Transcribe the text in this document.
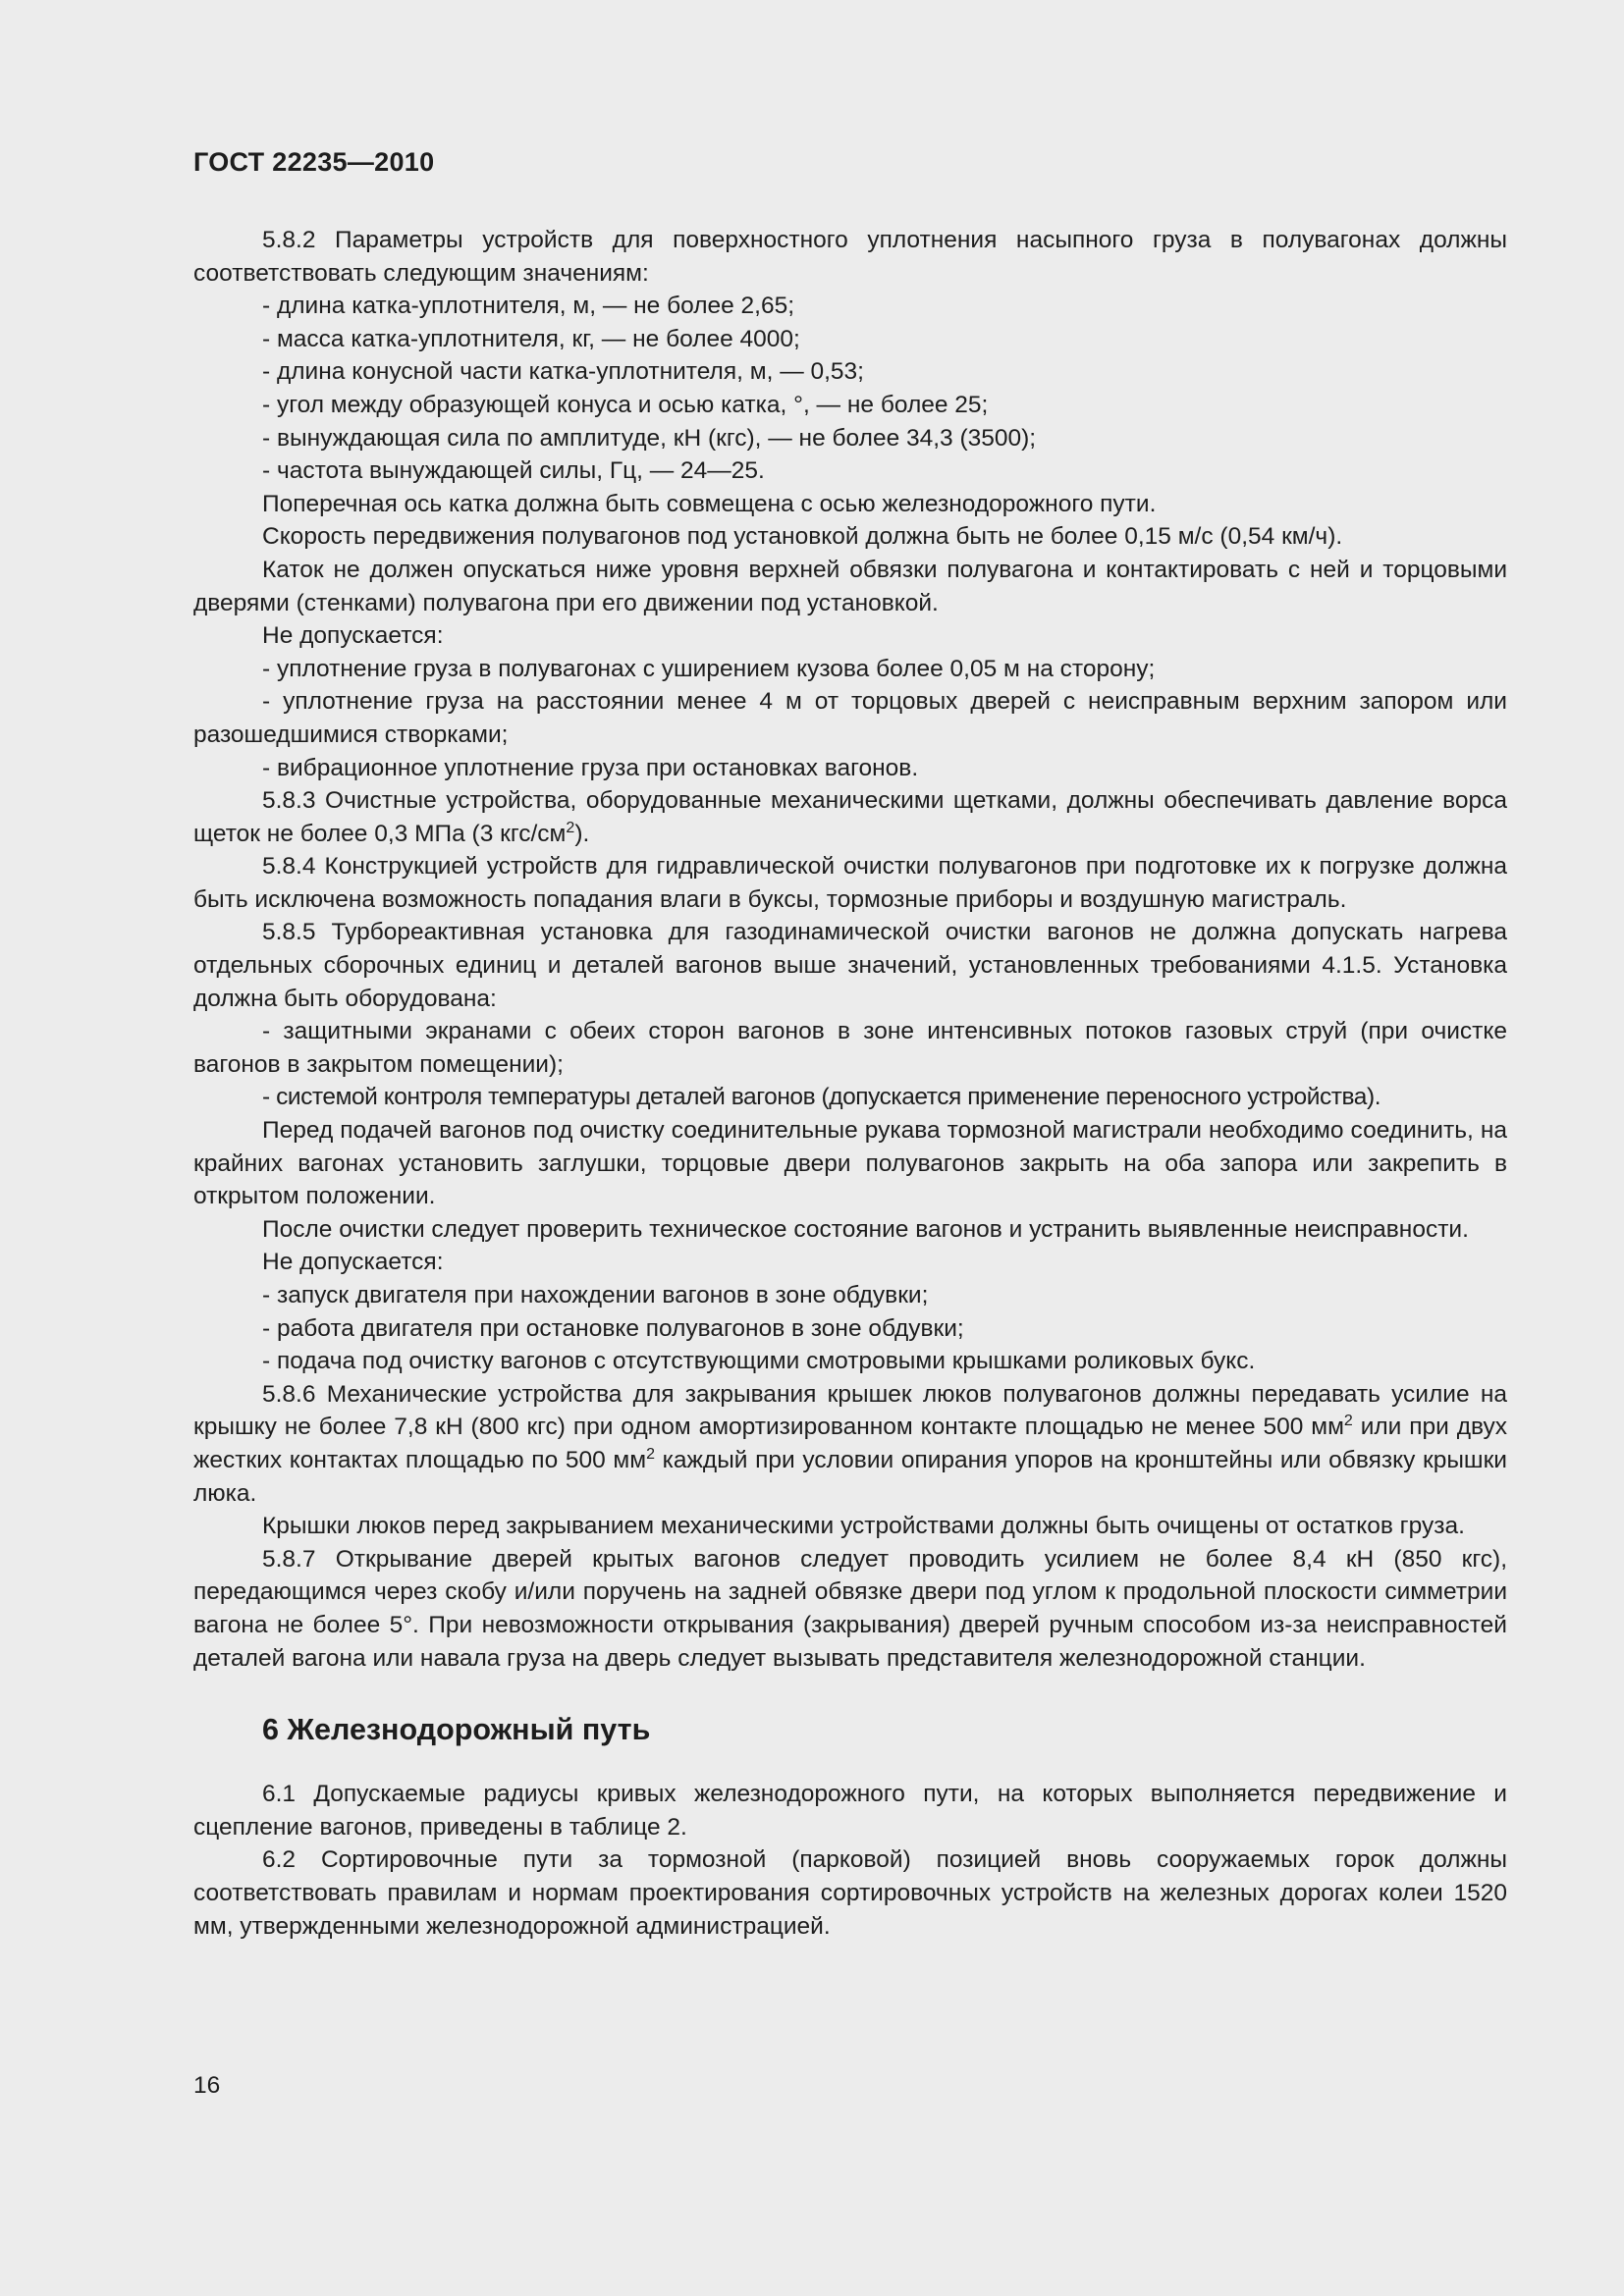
ГОСТ 22235—2010

5.8.2 Параметры устройств для поверхностного уплотнения насыпного груза в полувагонах должны соответствовать следующим значениям:

- длина катка-уплотнителя, м, — не более 2,65;

- масса катка-уплотнителя, кг, — не более 4000;

- длина конусной части катка-уплотнителя, м, — 0,53;

- угол между образующей конуса и осью катка, °, — не более 25;

- вынуждающая сила по амплитуде, кН (кгс), — не более 34,3 (3500);

- частота вынуждающей силы, Гц, — 24—25.

Поперечная ось катка должна быть совмещена с осью железнодорожного пути.

Скорость передвижения полувагонов под установкой должна быть не более 0,15 м/с (0,54 км/ч).

Каток не должен опускаться ниже уровня верхней обвязки полувагона и контактировать с ней и торцовыми дверями (стенками) полувагона при его движении под установкой.

Не допускается:

- уплотнение груза в полувагонах с уширением кузова более 0,05 м на сторону;

- уплотнение груза на расстоянии менее 4 м от торцовых дверей с неисправным верхним запором или разошедшимися створками;

- вибрационное уплотнение груза при остановках вагонов.

5.8.3 Очистные устройства, оборудованные механическими щетками, должны обеспечивать давление ворса щеток не более 0,3 МПа (3 кгс/$см^2$).

5.8.4 Конструкцией устройств для гидравлической очистки полувагонов при подготовке их к погрузке должна быть исключена возможность попадания влаги в буксы, тормозные приборы и воздушную магистраль.

5.8.5 Турбореактивная установка для газодинамической очистки вагонов не должна допускать нагрева отдельных сборочных единиц и деталей вагонов выше значений, установленных требованиями 4.1.5. Установка должна быть оборудована:

- защитными экранами с обеих сторон вагонов в зоне интенсивных потоков газовых струй (при очистке вагонов в закрытом помещении);

- системой контроля температуры деталей вагонов (допускается применение переносного устройства).

Перед подачей вагонов под очистку соединительные рукава тормозной магистрали необходимо соединить, на крайних вагонах установить заглушки, торцовые двери полувагонов закрыть на оба запора или закрепить в открытом положении.

После очистки следует проверить техническое состояние вагонов и устранить выявленные неисправности.

Не допускается:

- запуск двигателя при нахождении вагонов в зоне обдувки;

- работа двигателя при остановке полувагонов в зоне обдувки;

- подача под очистку вагонов с отсутствующими смотровыми крышками роликовых букс.

5.8.6 Механические устройства для закрывания крышек люков полувагонов должны передавать усилие на крышку не более 7,8 кН (800 кгс) при одном амортизированном контакте площадью не менее 500 $мм^2$ или при двух жестких контактах площадью по 500 $мм^2$ каждый при условии опирания упоров на кронштейны или обвязку крышки люка.

Крышки люков перед закрыванием механическими устройствами должны быть очищены от остатков груза.

5.8.7 Открывание дверей крытых вагонов следует проводить усилием не более 8,4 кН (850 кгс), передающимся через скобу и/или поручень на задней обвязке двери под углом к продольной плоскости симметрии вагона не более 5°. При невозможности открывания (закрывания) дверей ручным способом из-за неисправностей деталей вагона или навала груза на дверь следует вызывать представителя железнодорожной станции.

6 Железнодорожный путь

6.1 Допускаемые радиусы кривых железнодорожного пути, на которых выполняется передвижение и сцепление вагонов, приведены в таблице 2.

6.2 Сортировочные пути за тормозной (парковой) позицией вновь сооружаемых горок должны соответствовать правилам и нормам проектирования сортировочных устройств на железных дорогах колеи 1520 мм, утвержденными железнодорожной администрацией.

16
